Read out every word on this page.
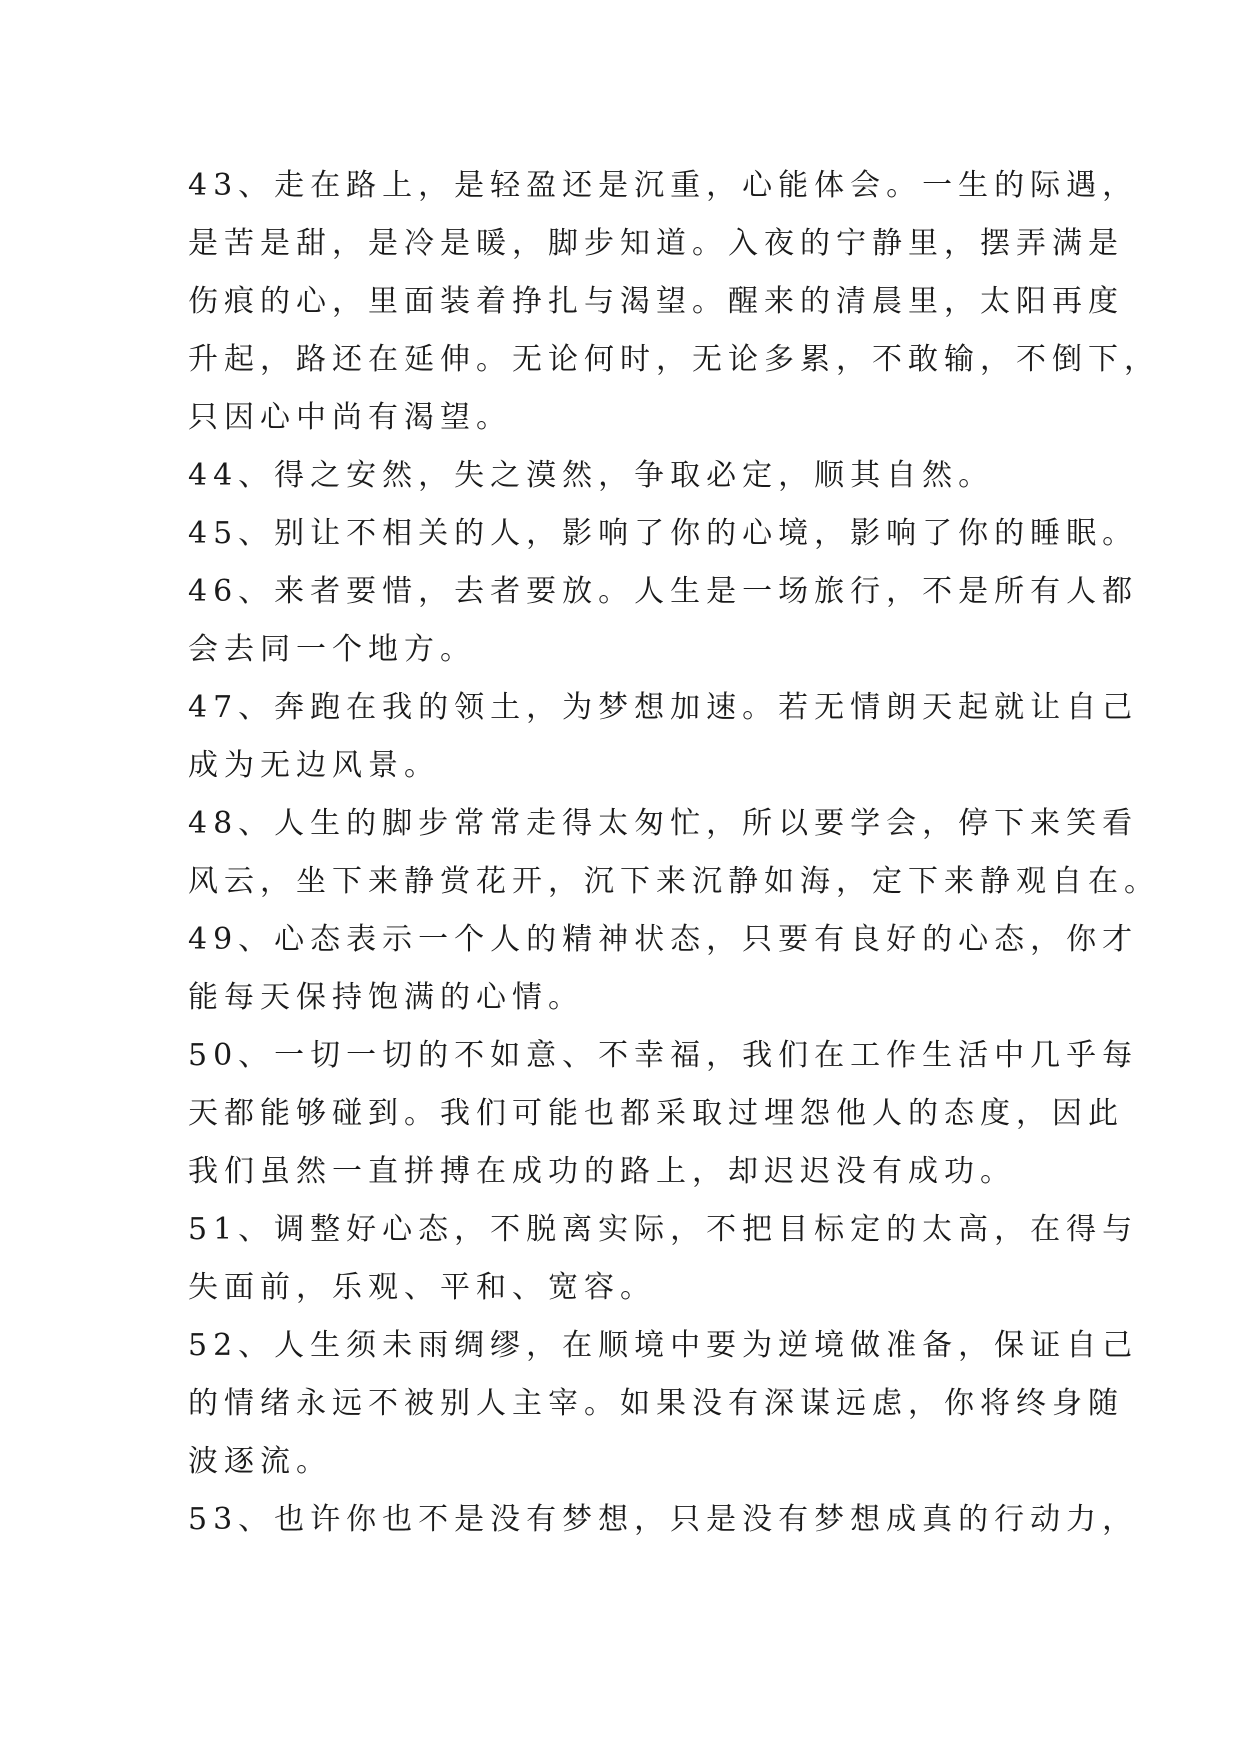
43、走在路上，是轻盈还是沉重，心能体会。一生的际遇，
是苦是甜，是冷是暖，脚步知道。入夜的宁静里，摆弄满是
伤痕的心，里面装着挣扎与渴望。醒来的清晨里，太阳再度
升起，路还在延伸。无论何时，无论多累，不敢输，不倒下，
只因心中尚有渴望。
44、得之安然，失之漠然，争取必定，顺其自然。
45、别让不相关的人，影响了你的心境，影响了你的睡眠。
46、来者要惜，去者要放。人生是一场旅行，不是所有人都
会去同一个地方。
47、奔跑在我的领土，为梦想加速。若无情朗天起就让自己
成为无边风景。
48、人生的脚步常常走得太匆忙，所以要学会，停下来笑看
风云，坐下来静赏花开，沉下来沉静如海，定下来静观自在。
49、心态表示一个人的精神状态，只要有良好的心态，你才
能每天保持饱满的心情。
50、一切一切的不如意、不幸福，我们在工作生活中几乎每
天都能够碰到。我们可能也都采取过埋怨他人的态度，因此
我们虽然一直拼搏在成功的路上，却迟迟没有成功。
51、调整好心态，不脱离实际，不把目标定的太高，在得与
失面前，乐观、平和、宽容。
52、人生须未雨绸缪，在顺境中要为逆境做准备，保证自己
的情绪永远不被别人主宰。如果没有深谋远虑，你将终身随
波逐流。
53、也许你也不是没有梦想，只是没有梦想成真的行动力，
